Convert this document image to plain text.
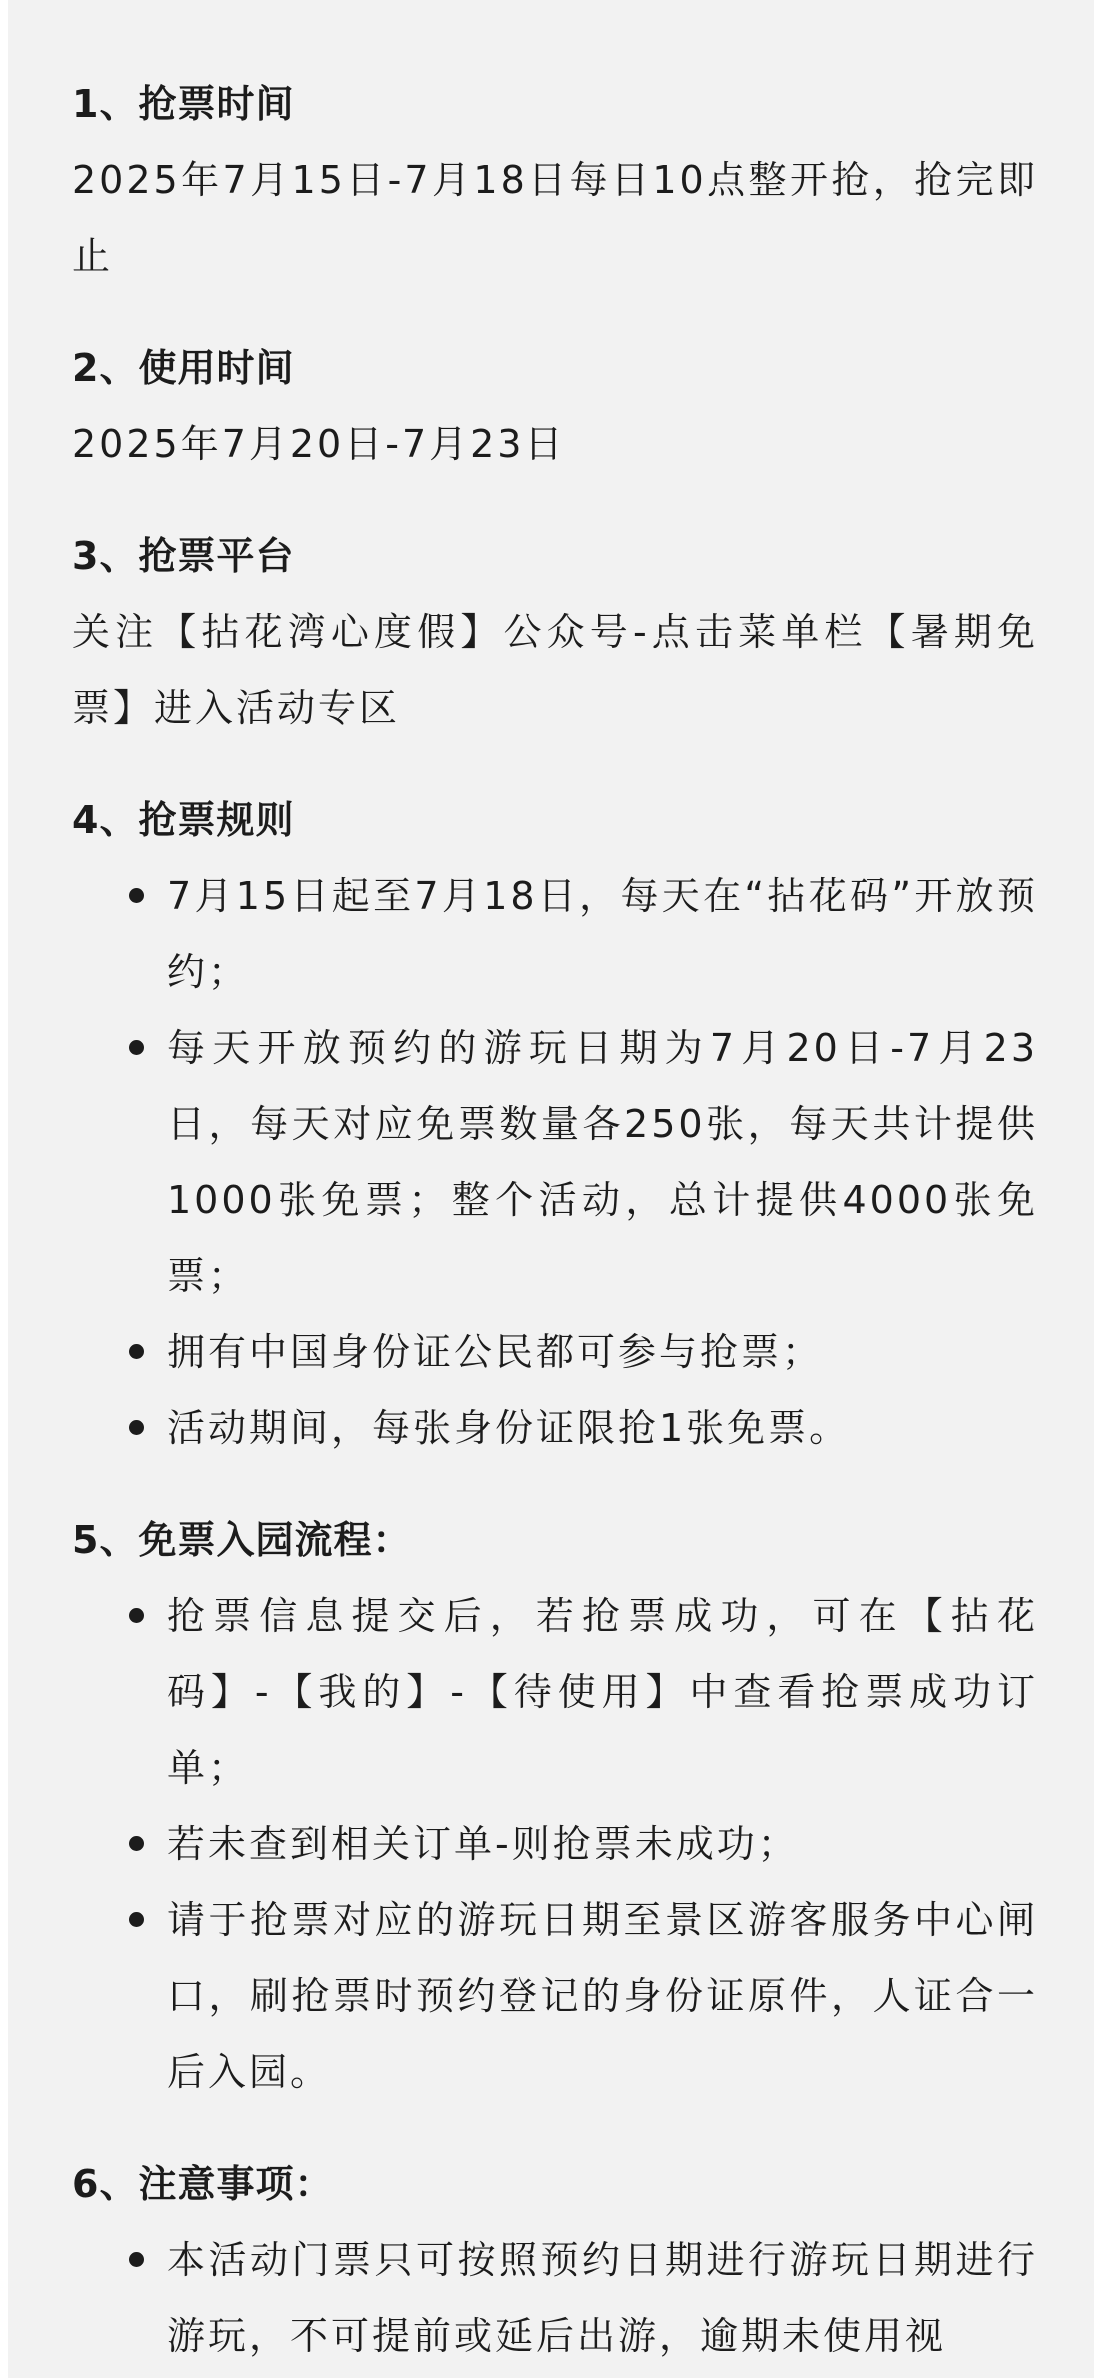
1、抢票时间
2025年7月15日-7月18日每日10点整开抢，抢完即止
2、使用时间
2025年7月20日-7月23日
3、抢票平台
关注【拈花湾心度假】公众号-点击菜单栏【暑期免票】进入活动专区
4、抢票规则
7月15日起至7月18日，每天在“拈花码”开放预约；
每天开放预约的游玩日期为7月20日-7月23日，每天对应免票数量各250张，每天共计提供1000张免票；整个活动，总计提供4000张免票；
拥有中国身份证公民都可参与抢票；
活动期间，每张身份证限抢1张免票。
5、免票入园流程：
抢票信息提交后，若抢票成功，可在【拈花码】-【我的】-【待使用】中查看抢票成功订单；
若未查到相关订单-则抢票未成功；
请于抢票对应的游玩日期至景区游客服务中心闸口，刷抢票时预约登记的身份证原件，人证合一后入园。
6、注意事项：
本活动门票只可按照预约日期进行游玩日期进行游玩，不可提前或延后出游，逾期未使用视
